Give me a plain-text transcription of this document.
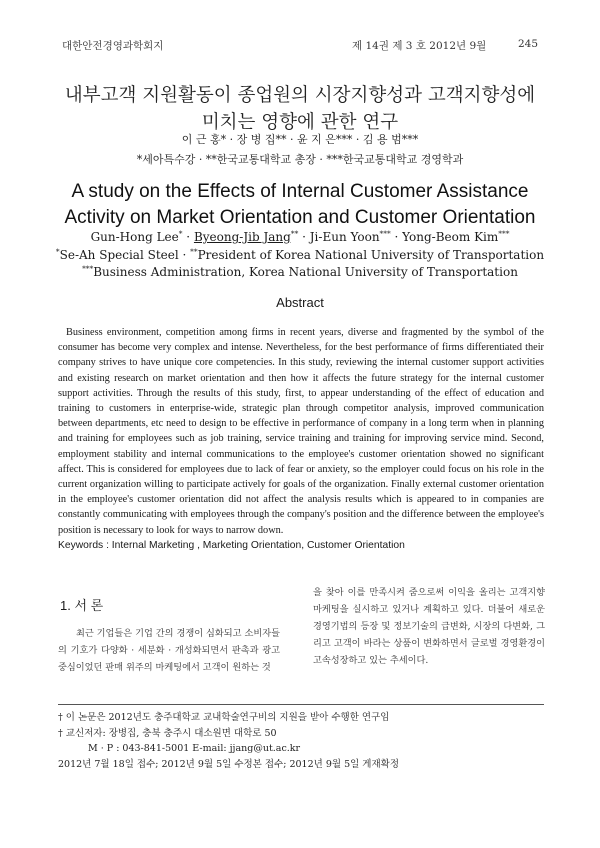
대한안전경영과학회지	제 14권 제 3 호 2012년 9월	245
내부고객 지원활동이 종업원의 시장지향성과 고객지향성에
미치는 영향에 관한 연구
이 근 홍* · 장 병 집** · 윤 지 은*** · 김 용 범***
*세아특수강 · **한국교통대학교 총장 · ***한국교통대학교 경영학과
A study on the Effects of Internal Customer Assistance
Activity on Market Orientation and Customer Orientation
Gun-Hong Lee* · Byeong-Jib Jang** · Ji-Eun Yoon*** · Yong-Beom Kim***
*Se-Ah Special Steel · **President of Korea National University of Transportation
***Business Administration, Korea National University of Transportation
Abstract
Business environment, competition among firms in recent years, diverse and fragmented by the symbol of the consumer has become very complex and intense. Nevertheless, for the best performance of firms differentiated their company strives to have unique core competencies. In this study, reviewing the internal customer support activities and existing research on market orientation and then how it affects the future strategy for the internal customer support activities. Through the results of this study, first, to appear understanding of the effect of education and training to customers in enterprise-wide, strategic plan through competitor analysis, improved communication between departments, etc need to design to be effective in performance of company in a long term when in planning and training for employees such as job training, service training and training for improving service mind. Second, employment stability and internal communications to the employee's customer orientation showed no significant affect. This is considered for employees due to lack of fear or anxiety, so the employer could focus on his role in the current organization willing to participate actively for goals of the organization. Finally external customer orientation in the employee's customer orientation did not affect the analysis results which is appeared to in companies are constantly communicating with employees through the company's position and the difference between the employee's position is necessary to look for ways to narrow down.
Keywords : Internal Marketing , Marketing Orientation, Customer Orientation
1. 서 론
최근 기업들은 기업 간의 경쟁이 심화되고 소비자들의 기호가 다양화 · 세분화 · 개성화되면서 판촉과 광고 중심이었던 판매 위주의 마케팅에서 고객이 원하는 것
을 찾아 이를 만족시켜 줌으로써 이익을 올리는 고객지향 마케팅을 실시하고 있거나 계획하고 있다. 더불어 새로운 경영기법의 등장 및 정보기술의 급변화, 시장의 다변화, 그리고 고객이 바라는 상품이 변화하면서 글로벌 경영환경이 고속성장하고 있는 추세이다.
† 이 논문은 2012년도 충주대학교 교내학술연구비의 지원을 받아 수행한 연구임
† 교신저자: 장병집, 충북 충주시 대소원면 대학로 50
M · P : 043-841-5001 E-mail: jjang@ut.ac.kr
2012년 7월 18일 접수; 2012년 9월 5일 수정본 접수; 2012년 9월 5일 게재확정
